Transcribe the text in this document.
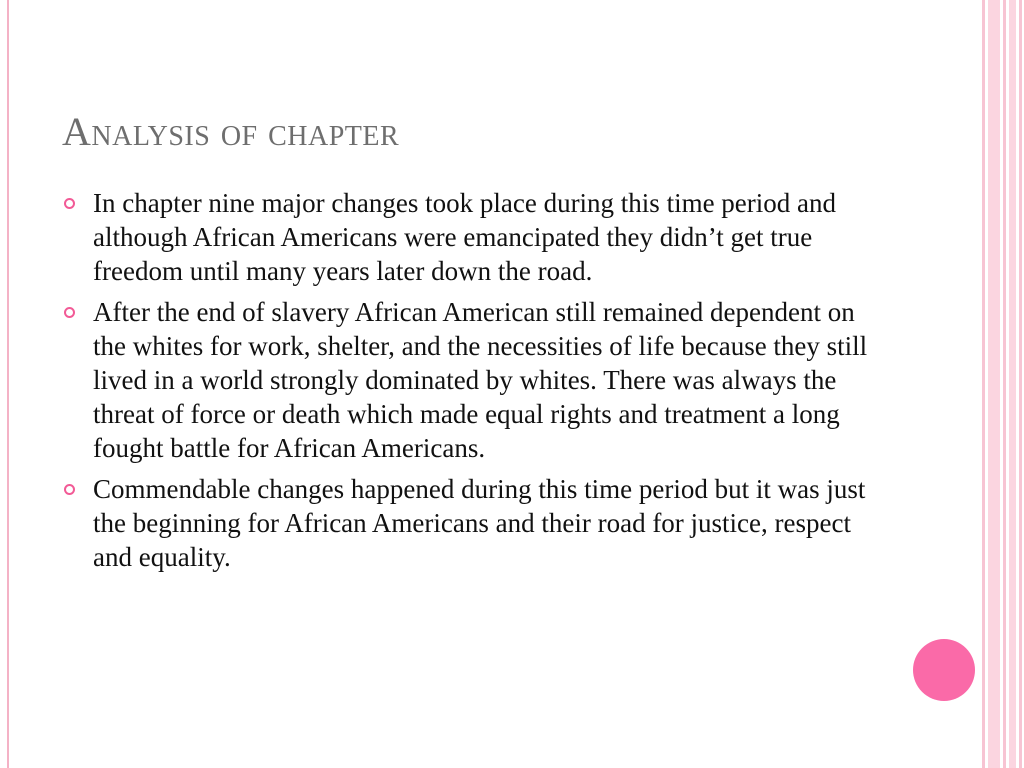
Analysis of chapter
In chapter nine major changes took place during this time period and although African Americans were emancipated they didn’t get true freedom until many years later down the road.
After the end of slavery African American still remained dependent on the whites for work, shelter, and the necessities of life because they still lived in a world strongly dominated by whites. There was always the threat of force or death which made equal rights and treatment a long fought battle for African Americans.
Commendable changes happened during this time period but it was just the beginning for African Americans and their road for justice, respect and equality.
